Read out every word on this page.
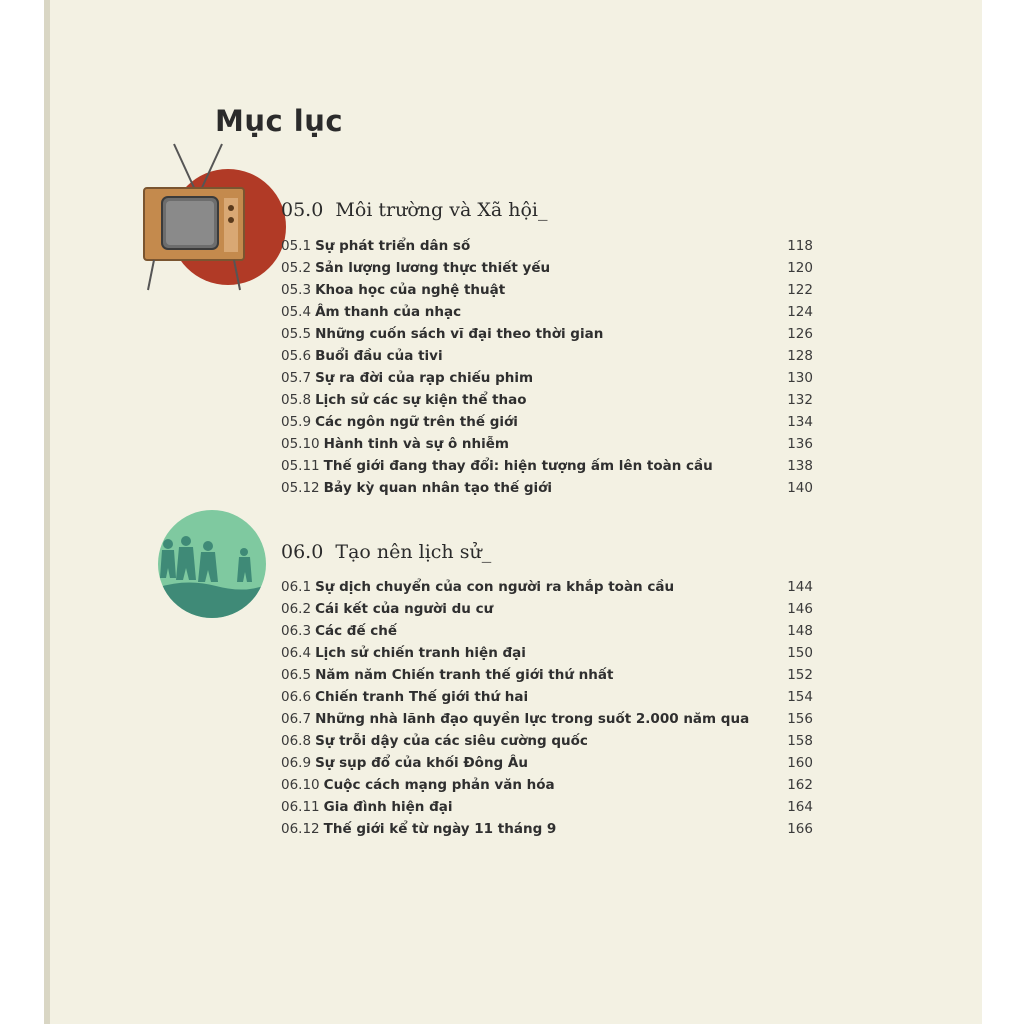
Mục lục
05.0 Môi trường và Xã hội_
05.1 Sự phát triển dân số	118
05.2 Sản lượng lương thực thiết yếu	120
05.3 Khoa học của nghệ thuật	122
05.4 Âm thanh của nhạc	124
05.5 Những cuốn sách vĩ đại theo thời gian	126
05.6 Buổi đầu của tivi	128
05.7 Sự ra đời của rạp chiếu phim	130
05.8 Lịch sử các sự kiện thể thao	132
05.9 Các ngôn ngữ trên thế giới	134
05.10 Hành tinh và sự ô nhiễm	136
05.11 Thế giới đang thay đổi: hiện tượng ấm lên toàn cầu	138
05.12 Bảy kỳ quan nhân tạo thế giới	140
06.0 Tạo nên lịch sử_
06.1 Sự dịch chuyển của con người ra khắp toàn cầu	144
06.2 Cái kết của người du cư	146
06.3 Các đế chế	148
06.4 Lịch sử chiến tranh hiện đại	150
06.5 Năm năm Chiến tranh thế giới thứ nhất	152
06.6 Chiến tranh Thế giới thứ hai	154
06.7 Những nhà lãnh đạo quyền lực trong suốt 2.000 năm qua	156
06.8 Sự trỗi dậy của các siêu cường quốc	158
06.9 Sự sụp đổ của khối Đông Âu	160
06.10 Cuộc cách mạng phản văn hóa	162
06.11 Gia đình hiện đại	164
06.12 Thế giới kể từ ngày 11 tháng 9	166
